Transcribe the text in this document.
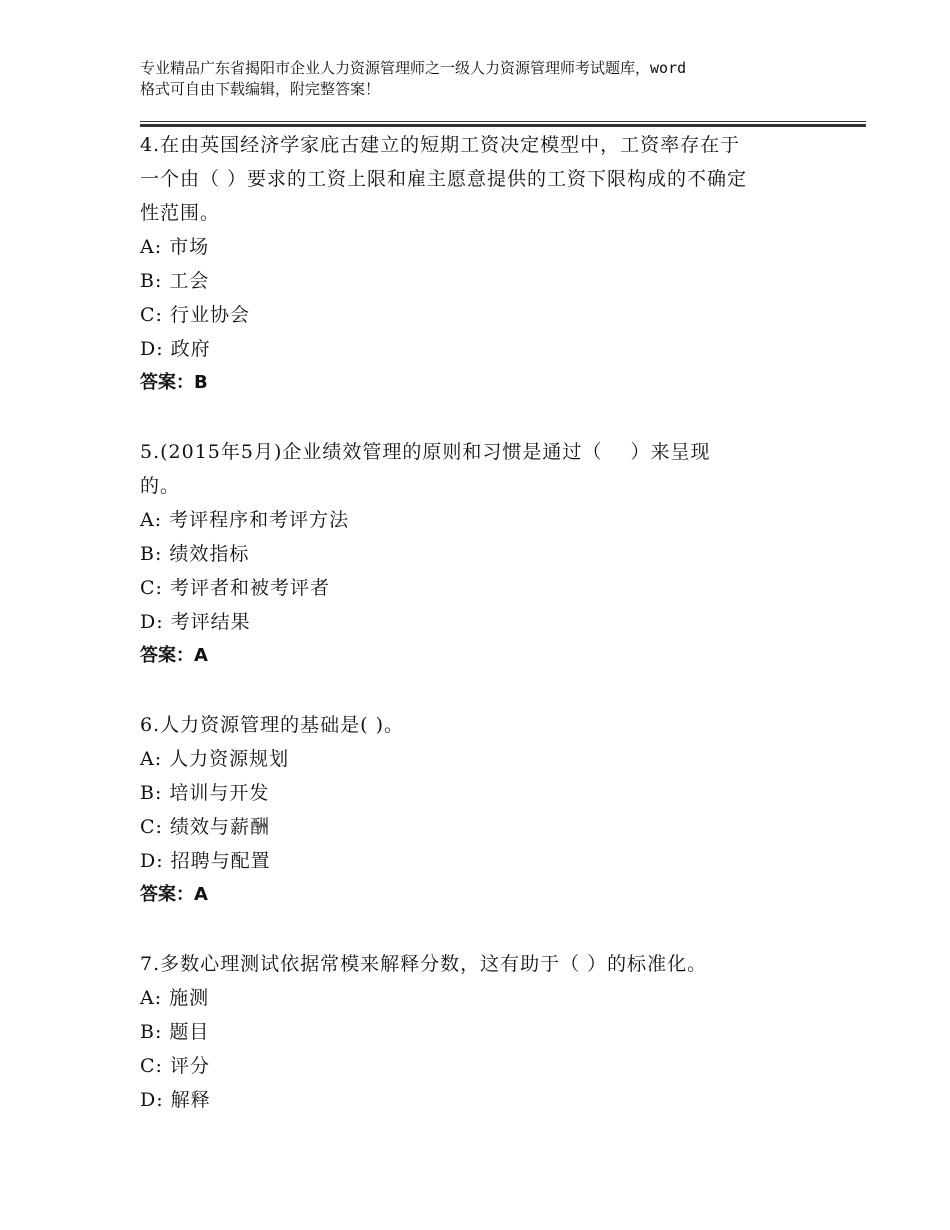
专业精品广东省揭阳市企业人力资源管理师之一级人力资源管理师考试题库，word
格式可自由下载编辑，附完整答案！
4.在由英国经济学家庇古建立的短期工资决定模型中，工资率存在于
一个由（ ）要求的工资上限和雇主愿意提供的工资下限构成的不确定
性范围。
A: 市场
B: 工会
C: 行业协会
D: 政府
答案：B
5.(2015年5月)企业绩效管理的原则和习惯是通过（    ）来呈现
的。
A: 考评程序和考评方法
B: 绩效指标
C: 考评者和被考评者
D: 考评结果
答案：A
6.人力资源管理的基础是( )。
A: 人力资源规划
B: 培训与开发
C: 绩效与薪酬
D: 招聘与配置
答案：A
7.多数心理测试依据常模来解释分数，这有助于（ ）的标准化。
A: 施测
B: 题目
C: 评分
D: 解释
